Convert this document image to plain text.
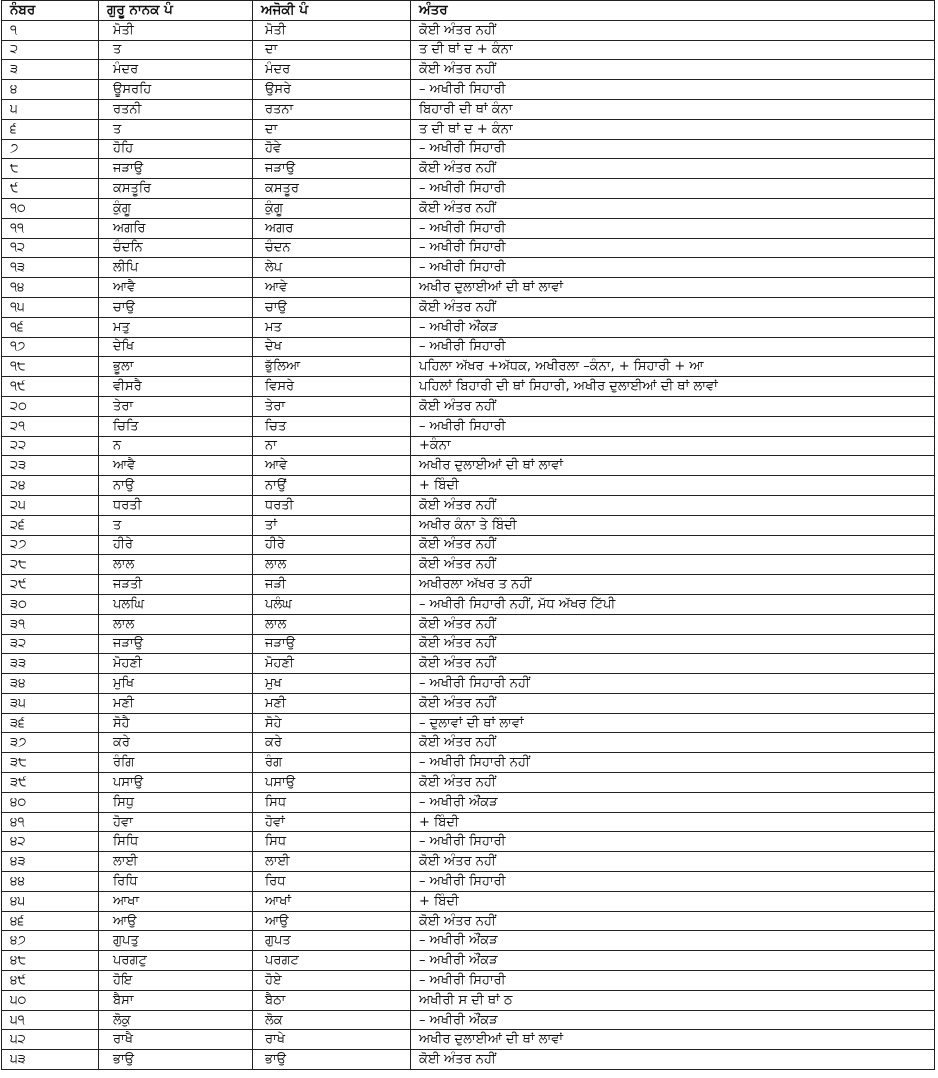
ਨੰਬਰ	ਗੁਰੂ ਨਾਨਕ ਪੰ	ਅਜੋਕੀ ਪੰ	ਅੰਤਰ
੧	ਮੋਤੀ	ਮੋਤੀ	ਕੋਈ ਅੰਤਰ ਨਹੀਂ
੨	ਤ	ਦਾ	ਤ ਦੀ ਥਾਂ ਦ + ਕੰਨਾ
੩	ਮੰਦਰ	ਮੰਦਰ	ਕੋਈ ਅੰਤਰ ਨਹੀਂ
੪	ਊਸਰਹਿ	ਉਸਰੇ	– ਅਖੀਰੀ ਸਿਹਾਰੀ
੫	ਰਤਨੀ	ਰਤਨਾ	ਬਿਹਾਰੀ ਦੀ ਥਾਂ ਕੰਨਾ
੬	ਤ	ਦਾ	ਤ ਦੀ ਥਾਂ ਦ + ਕੰਨਾ
੭	ਹੋਹਿ	ਹੋਵੇ	– ਅਖੀਰੀ ਸਿਹਾਰੀ
੮	ਜੜਾਉ	ਜੜਾਉ	ਕੋਈ ਅੰਤਰ ਨਹੀਂ
੯	ਕਸਤੂਰਿ	ਕਸਤੂਰ	– ਅਖੀਰੀ ਸਿਹਾਰੀ
੧੦	ਕੁੰਗੂ	ਕੁੰਗੂ	ਕੋਈ ਅੰਤਰ ਨਹੀਂ
੧੧	ਅਗਰਿ	ਅਗਰ	– ਅਖੀਰੀ ਸਿਹਾਰੀ
੧੨	ਚੰਦਨਿ	ਚੰਦਨ	– ਅਖੀਰੀ ਸਿਹਾਰੀ
੧੩	ਲੀਪਿ	ਲੇਪ	– ਅਖੀਰੀ ਸਿਹਾਰੀ
੧੪	ਆਵੈ	ਆਵੇ	ਅਖੀਰ ਦੁਲਾਈਆਂ ਦੀ ਥਾਂ ਲਾਵਾਂ
੧੫	ਚਾਉ	ਚਾਉ	ਕੋਈ ਅੰਤਰ ਨਹੀਂ
੧੬	ਮਤੁ	ਮਤ	– ਅਖੀਰੀ ਔਂਕੜ
੧੭	ਦੇਖਿ	ਦੇਖ	– ਅਖੀਰੀ ਸਿਹਾਰੀ
੧੮	ਭੂਲਾ	ਭੁੱਲਿਆ	ਪਹਿਲਾ ਅੱਖਰ +ਅੱਧਕ, ਅਖੀਰਲਾ –ਕੰਨਾ, + ਸਿਹਾਰੀ + ਆ
੧੯	ਵੀਸਰੈ	ਵਿਸਰੇ	ਪਹਿਲਾਂ ਬਿਹਾਰੀ ਦੀ ਥਾਂ ਸਿਹਾਰੀ, ਅਖੀਰ ਦੁਲਾਈਆਂ ਦੀ ਥਾਂ ਲਾਵਾਂ
੨੦	ਤੇਰਾ	ਤੇਰਾ	ਕੋਈ ਅੰਤਰ ਨਹੀਂ
੨੧	ਚਿਤਿ	ਚਿਤ	– ਅਖੀਰੀ ਸਿਹਾਰੀ
੨੨	ਨ	ਨਾ	+ਕੰਨਾ
੨੩	ਆਵੈ	ਆਵੇ	ਅਖੀਰ ਦੁਲਾਈਆਂ ਦੀ ਥਾਂ ਲਾਵਾਂ
੨੪	ਨਾਉ	ਨਾਉਂ	+ ਬਿੰਦੀ
੨੫	ਧਰਤੀ	ਧਰਤੀ	ਕੋਈ ਅੰਤਰ ਨਹੀਂ
੨੬	ਤ	ਤਾਂ	ਅਖੀਰ ਕੰਨਾ ਤੇ ਬਿੰਦੀ
੨੭	ਹੀਰੇ	ਹੀਰੇ	ਕੋਈ ਅੰਤਰ ਨਹੀਂ
੨੮	ਲਾਲ	ਲਾਲ	ਕੋਈ ਅੰਤਰ ਨਹੀਂ
੨੯	ਜੜਤੀ	ਜੜੀ	ਅਖੀਰਲਾ ਅੱਖਰ ਤ ਨਹੀਂ
੩੦	ਪਲਘਿ	ਪਲੰਘ	– ਅਖੀਰੀ ਸਿਹਾਰੀ ਨਹੀਂ, ਮੱਧ ਅੱਖਰ ਟਿੱਪੀ
੩੧	ਲਾਲ	ਲਾਲ	ਕੋਈ ਅੰਤਰ ਨਹੀਂ
੩੨	ਜੜਾਉ	ਜੜਾਉ	ਕੋਈ ਅੰਤਰ ਨਹੀਂ
੩੩	ਮੋਹਣੀ	ਮੋਹਣੀ	ਕੋਈ ਅੰਤਰ ਨਹੀਂ
੩੪	ਮੁਖਿ	ਮੁਖ	– ਅਖੀਰੀ ਸਿਹਾਰੀ ਨਹੀਂ
੩੫	ਮਣੀ	ਮਣੀ	ਕੋਈ ਅੰਤਰ ਨਹੀਂ
੩੬	ਸੋਹੈ	ਸੋਹੇ	– ਦੁਲਾਵਾਂ ਦੀ ਥਾਂ ਲਾਵਾਂ
੩੭	ਕਰੇ	ਕਰੇ	ਕੋਈ ਅੰਤਰ ਨਹੀਂ
੩੮	ਰੰਗਿ	ਰੰਗ	– ਅਖੀਰੀ ਸਿਹਾਰੀ ਨਹੀਂ
੩੯	ਪਸਾਉ	ਪਸਾਉ	ਕੋਈ ਅੰਤਰ ਨਹੀਂ
੪੦	ਸਿਧੁ	ਸਿਧ	– ਅਖੀਰੀ ਔਂਕੜ
੪੧	ਹੋਵਾ	ਹੋਵਾਂ	+ ਬਿੰਦੀ
੪੨	ਸਿਧਿ	ਸਿਧ	– ਅਖੀਰੀ ਸਿਹਾਰੀ
੪੩	ਲਾਈ	ਲਾਈ	ਕੋਈ ਅੰਤਰ ਨਹੀਂ
੪੪	ਰਿਧਿ	ਰਿਧ	– ਅਖੀਰੀ ਸਿਹਾਰੀ
੪੫	ਆਖਾ	ਆਖਾਂ	+ ਬਿੰਦੀ
੪੬	ਆਉ	ਆਉ	ਕੋਈ ਅੰਤਰ ਨਹੀਂ
੪੭	ਗੁਪਤੁ	ਗੁਪਤ	– ਅਖੀਰੀ ਔਂਕੜ
੪੮	ਪਰਗਟੁ	ਪਰਗਟ	– ਅਖੀਰੀ ਔਂਕੜ
੪੯	ਹੋਇ	ਹੋਏ	– ਅਖੀਰੀ ਸਿਹਾਰੀ
੫੦	ਬੈਸਾ	ਬੈਠਾ	ਅਖੀਰੀ ਸ ਦੀ ਥਾਂ ਠ
੫੧	ਲੋਕੁ	ਲੋਕ	– ਅਖੀਰੀ ਔਂਕੜ
੫੨	ਰਾਖੈ	ਰਾਖੇ	ਅਖੀਰ ਦੁਲਾਈਆਂ ਦੀ ਥਾਂ ਲਾਵਾਂ
੫੩	ਭਾਉ	ਭਾਉ	ਕੋਈ ਅੰਤਰ ਨਹੀਂ
